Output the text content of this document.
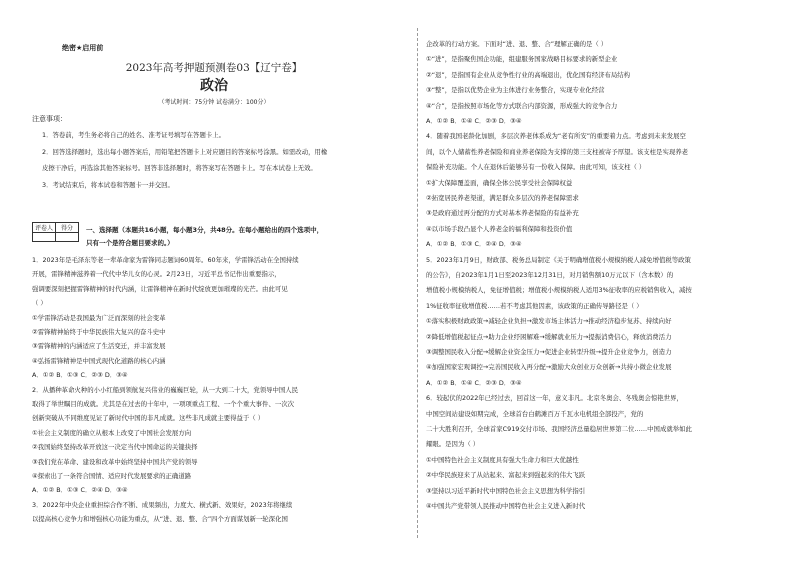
绝密★启用前
2023年高考押题预测卷03【辽宁卷】
政治
（考试时间：75分钟 试卷满分：100分）
注意事项：
1．答卷前，考生务必将自己的姓名、准考证号填写在答题卡上。
2．回答选择题时，选出每小题答案后，用铅笔把答题卡上对应题目的答案标号涂黑。如需改动，用橡
皮擦干净后，再选涂其他答案标号。回答非选择题时，将答案写在答题卡上。写在本试卷上无效。
3．考试结束后，将本试卷和答题卡一并交回。
评卷人	得分
	一、选择题（本题共16小题，每小题3分，共48分。在每小题给出的四个选项中，
只有一个是符合题目要求的。）
1．2023年是毛泽东等老一辈革命家为雷锋同志题词60周年。60年来，学雷锋活动在全国持续
开展，雷锋精神滋养着一代代中华儿女的心灵。2月23日，习近平总书记作出重要指示，
强调要深刻把握雷锋精神的时代内涵，让雷锋精神在新时代绽放更加璀璨的光芒。由此可见
（ ）
①学雷锋活动是我国最为广泛而深刻的社会变革
②雷锋精神始终于中华民族伟大复兴的奋斗史中
③雷锋精神的内涵适应了生活变迁，并丰富发展
④弘扬雷锋精神是中国式现代化道路的核心内涵
A．①② B．①③ C．②③ D．③④
2．从播种革命火种的小小红船到领航复兴伟业的巍巍巨轮，从一大到二十大，党领导中国人民
取得了举世瞩目的成就。尤其是在过去的十年中，一项项重点工程、一个个重大事件、一次次
创新突破从不同维度见证了新时代中国的非凡成就。这些非凡成就主要得益于（ ）
①社会主义制度的确立从根本上改变了中国社会发展方向
②我国始终坚持改革开放这一决定当代中国命运的关键抉择
③我们党在革命、建设和改革中始终坚持中国共产党的领导
④探索出了一条符合国情、适应时代发展要求的正确道路
A．①② B．①③ C．②④ D．③④
3．2022年中央企业重担综合作不断、成果频出，力度大、横式新、效果好，2023年将继续
以提高核心竞争力和增强核心功能为重点，从“进、退、整、合”四个方面谋划新一轮深化国
企改革的行动方案。下面对“进、退、整、合”理解正确的是（ ）
①“进”，是指聚焦国企功能，组建服务国家战略目标要求的新型企业
②“退”，是指国有企业从竞争性行业的高端退出，优化国有经济布局结构
③“整”，是指以优势企业为主体进行业务整合，实现专业化经营
④“合”，是指按照市场化等方式联合内部资源，形成强大的竞争合力
A．①② B．①④ C．②③ D．③④
4．随着我国老龄化加剧，多层次养老体系成为“老有所安”的重要着力点。考虑到未来发展空
间，以个人储蓄性养老保险和商业养老保险为支撑的第三支柱被寄予厚望。该支柱是实现养老
保险补充功能。个人在退休后能够另有一份收入保障。由此可知，该支柱（ ）
①扩大保障覆盖面，确保全体公民享受社会保障权益
②拓宽居民养老渠道，满足群众多层次的养老保障需求
③是政府通过再分配的方式对基本养老保险的有益补充
④以市场手段凸显个人养老金的福利保障和投资价值
A．①② B．①③ C．②④ D．③④
5．2023年1月9日，财政部、税务总局制定《关于明确增值税小规模纳税人减免增值税等政策
的公告》，自2023年1月1日至2023年12月31日，对月销售额10万元以下（含本数）的
增值税小规模纳税人，免征增值税；增值税小规模纳税人适用3%征收率的应税销售收入，减按
1%征收率征收增值税……若不考虑其他因素，该政策的正确传导路径是（ ）
①落实积极财政政策→减轻企业负担→激发市场主体活力→推动经济稳步复苏、持续向好
②降低增值税起征点→助力企业纾困解难→缓解就业压力→提振消费信心，释放消费活力
③调整国民收入分配→缓解企业资金压力→促进企业转型升级→提升企业竞争力，创造力
④加强国家宏观调控→完善国民收入再分配→激励大众创业万众创新→共持小微企业发展
A．①② B．①④ C．②③ D．③④
6．较起伏的2022年已经过去，回首这一年，意义非凡。北京冬奥会、冬残奥会惊艳世界，
中国空间站建设如期完成，全球首台白鹤滩百万千瓦水电机组全部投产，党的
二十大胜利召开，全球首家C919交付市场、我国经济总量稳居世界第二位……中国成就举如此
耀眼。是因为（ ）
①中国特色社会主义制度具有强大生命力和巨大优越性
②中华民族迎来了从站起来、富起来到强起来的伟大飞跃
③坚持以习近平新时代中国特色社会主义思想为科学指引
④中国共产党带领人民推动中国特色社会主义进入新时代
